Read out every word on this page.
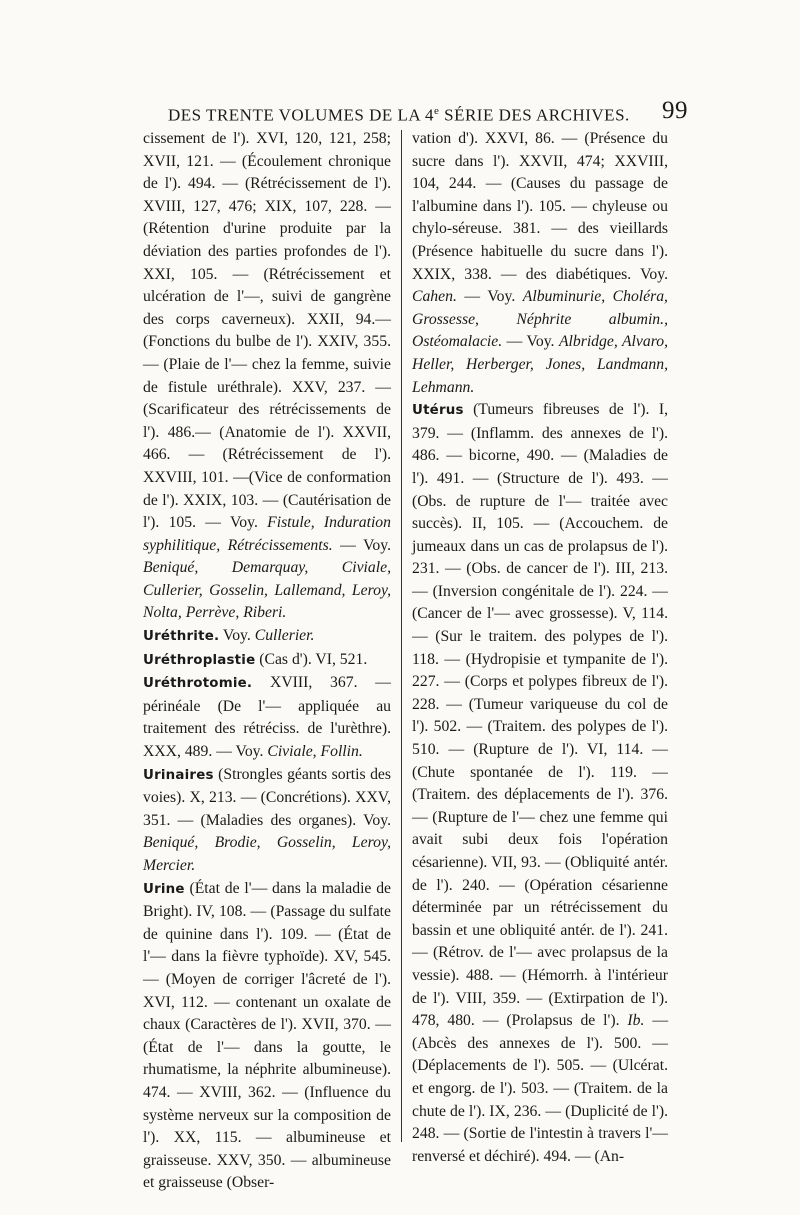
DES TRENTE VOLUMES DE LA 4e SÉRIE DES ARCHIVES. 99

cissement de l'). XVI, 120, 121, 258; XVII, 121. — (Écoulement chronique de l'). 494. — (Rétrécissement de l'). XVIII, 127, 476; XIX, 107, 228. — (Rétention d'urine produite par la déviation des parties profondes de l'). XXI, 105. — (Rétrécissement et ulcération de l'—, suivi de gangrène des corps caverneux). XXII, 94.— (Fonctions du bulbe de l'). XXIV, 355.— (Plaie de l'— chez la femme, suivie de fistule uréthrale). XXV, 237. — (Scarificateur des rétrécissements de l'). 486.— (Anatomie de l'). XXVII, 466. — (Rétrécissement de l'). XXVIII, 101. —(Vice de conformation de l'). XXIX, 103. — (Cautérisation de l'). 105. — Voy. Fistule, Induration syphilitique, Rétrécissements. — Voy. Beniqué, Demarquay, Civiale, Cullerier, Gosselin, Lallemand, Leroy, Nolta, Perrève, Riberi.

Uréthrite. Voy. Cullerier.

Uréthroplastie (Cas d'). VI, 521.

Uréthrotomie. XVIII, 367. — périnéale (De l'— appliquée au traitement des rétréciss. de l'urèthre). XXX, 489. — Voy. Civiale, Follin.

Urinaires (Strongles géants sortis des voies). X, 213. — (Concrétions). XXV, 351. — (Maladies des organes). Voy. Beniqué, Brodie, Gosselin, Leroy, Mercier.

Urine (État de l'— dans la maladie de Bright). IV, 108. — (Passage du sulfate de quinine dans l'). 109. — (État de l'— dans la fièvre typhoïde). XV, 545. — (Moyen de corriger l'âcreté de l'). XVI, 112. — contenant un oxalate de chaux (Caractères de l'). XVII, 370. — (État de l'— dans la goutte, le rhumatisme, la néphrite albumineuse). 474. — XVIII, 362. — (Influence du système nerveux sur la composition de l'). XX, 115. — albumineuse et graisseuse. XXV, 350. — albumineuse et graisseuse (Obser-

vation d'). XXVI, 86. — (Présence du sucre dans l'). XXVII, 474; XXVIII, 104, 244. — (Causes du passage de l'albumine dans l'). 105. — chyleuse ou chylo-séreuse. 381. — des vieillards (Présence habituelle du sucre dans l'). XXIX, 338. — des diabétiques. Voy. Cahen. — Voy. Albuminurie, Choléra, Grossesse, Néphrite albumin., Ostéomalacie. — Voy. Albridge, Alvaro, Heller, Herberger, Jones, Landmann, Lehmann.

Utérus (Tumeurs fibreuses de l'). I, 379. — (Inflamm. des annexes de l'). 486. — bicorne, 490. — (Maladies de l'). 491. — (Structure de l'). 493. — (Obs. de rupture de l'— traitée avec succès). II, 105. — (Accouchem. de jumeaux dans un cas de prolapsus de l'). 231. — (Obs. de cancer de l'). III, 213. — (Inversion congénitale de l'). 224. — (Cancer de l'— avec grossesse). V, 114. — (Sur le traitem. des polypes de l'). 118. — (Hydropisie et tympanite de l'). 227. — (Corps et polypes fibreux de l'). 228. — (Tumeur variqueuse du col de l'). 502. — (Traitem. des polypes de l'). 510. — (Rupture de l'). VI, 114. — (Chute spontanée de l'). 119. — (Traitem. des déplacements de l'). 376. — (Rupture de l'— chez une femme qui avait subi deux fois l'opération césarienne). VII, 93. — (Obliquité antér. de l'). 240. — (Opération césarienne déterminée par un rétrécissement du bassin et une obliquité antér. de l'). 241. — (Rétrov. de l'— avec prolapsus de la vessie). 488. — (Hémorrh. à l'intérieur de l'). VIII, 359. — (Extirpation de l'). 478, 480. — (Prolapsus de l'). Ib. — (Abcès des annexes de l'). 500. — (Déplacements de l'). 505. — (Ulcérat. et engorg. de l'). 503. — (Traitem. de la chute de l'). IX, 236. — (Duplicité de l'). 248. — (Sortie de l'intestin à travers l'— renversé et déchiré). 494. — (An-
